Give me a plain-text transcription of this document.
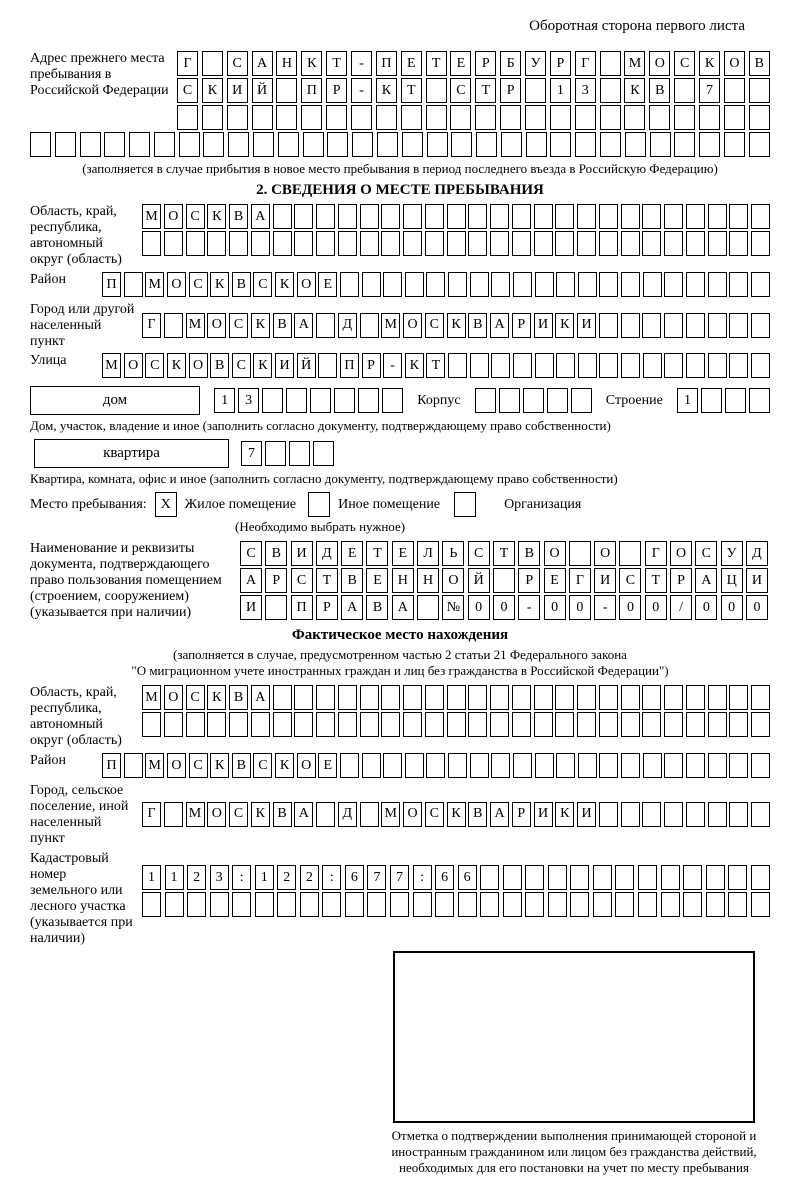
Оборотная сторона первого листа
Адрес прежнего места пребывания в Российской Федерации
Г	С	А	Н	К	Т	-	П	Е	Т	Е	Р	Б	У	Р	Г	М О	С	К	О	В
С	К	И	Й	П	Р	-	К	Т	С	Т	Р	1	3	К	В	7
(заполняется в случае прибытия в новое место пребывания в период последнего въезда в Российскую Федерацию)
2. СВЕДЕНИЯ О МЕСТЕ ПРЕБЫВАНИЯ
Область, край, республика, автономный округ (область)
М О С К В А
Район	П	М О С К В С К О Е
Город или другой населенный пункт
Г	М О С К В А	Д	М О С К В А Р И К И
Улица	М О С К О В С К И Й	П Р	-	К Т
дом	1	3	Корпус	Строение	1
Дом, участок, владение и иное (заполнить согласно документу, подтверждающему право собственности)
квартира	7
Квартира, комната, офис и иное (заполнить согласно документу, подтверждающему право собственности)
Место пребывания: X Жилое помещение	Иное помещение	Организация
(Необходимо выбрать нужное)
Наименование и реквизиты документа, подтверждающего право пользования помещением (строением, сооружением) (указывается при наличии)
С	В	И	Д	Е	Т	Е	Л	Ь	С	Т	В	О	О	Г	О	С	У	Д
А	Р	С	Т	В	Е	Н	Н	О	Й	Р	Е	Г	И	С	Т	Р	А	Ц	И
И	П	Р	А	В	А	№	0	0	-	0	0	-	0	0	/	0	0	0
Фактическое место нахождения
(заполняется в случае, предусмотренном частью 2 статьи 21 Федерального закона
"О миграционном учете иностранных граждан и лиц без гражданства в Российской Федерации")
Область, край, республика, автономный округ (область)
М О С К В А
Район	П	М О С К В С К О Е
Город, сельское поселение, иной населенный пункт
Г	М О С К В А	Д	М О С К В А Р И К И
Кадастровый номер земельного или лесного участка (указывается при наличии)
1	1	2	3	:	1	2	2	:	6	7	7	:	6	6
Отметка о подтверждении выполнения принимающей стороной и иностранным гражданином или лицом без гражданства действий, необходимых для его постановки на учет по месту пребывания
